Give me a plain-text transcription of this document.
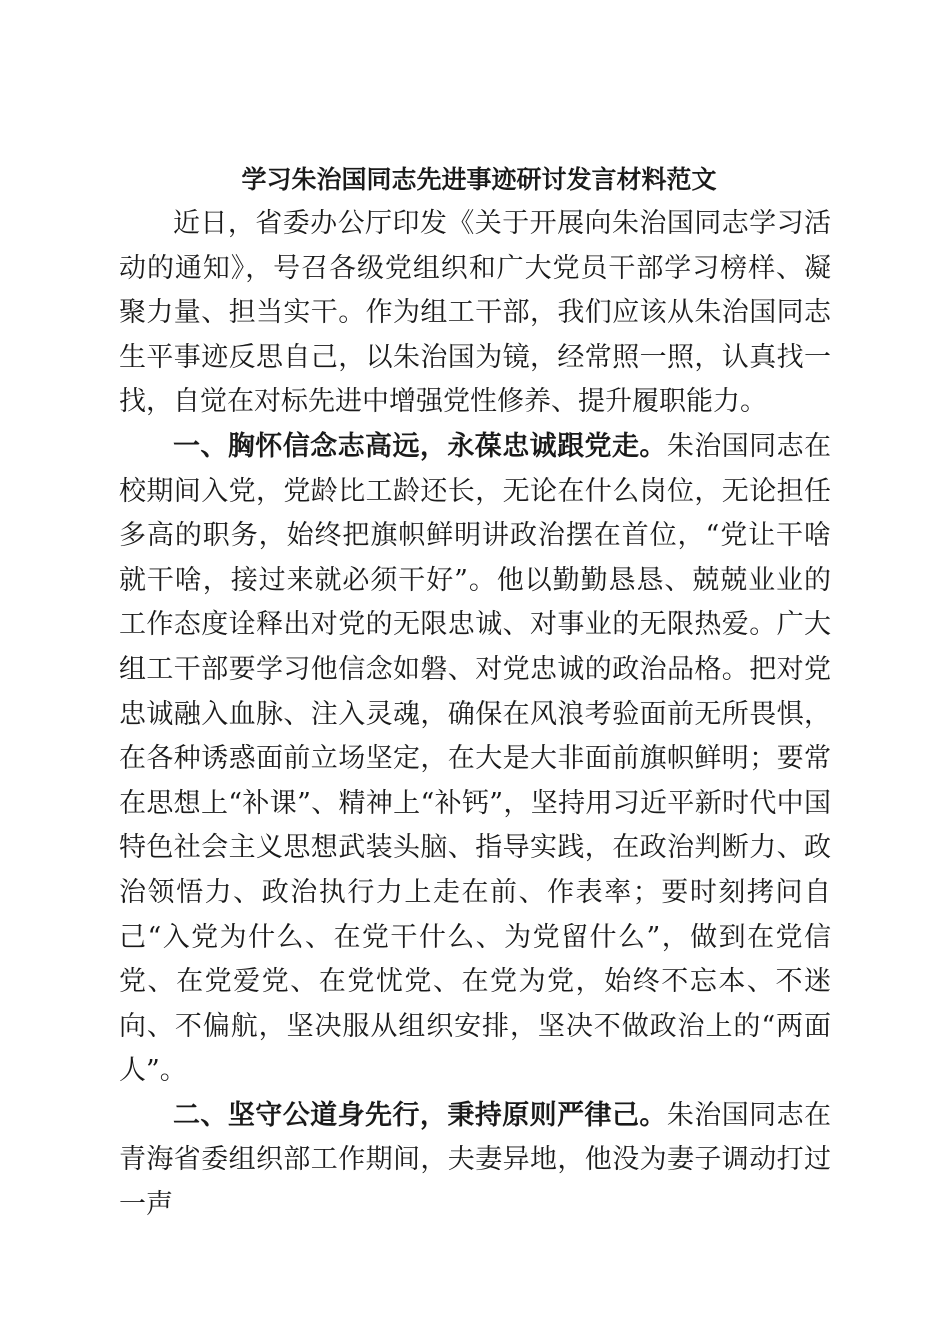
学习朱治国同志先进事迹研讨发言材料范文

近日，省委办公厅印发《关于开展向朱治国同志学习活动的通知》，号召各级党组织和广大党员干部学习榜样、凝聚力量、担当实干。作为组工干部，我们应该从朱治国同志生平事迹反思自己，以朱治国为镜，经常照一照，认真找一找，自觉在对标先进中增强党性修养、提升履职能力。

一、胸怀信念志高远，永葆忠诚跟党走。朱治国同志在校期间入党，党龄比工龄还长，无论在什么岗位，无论担任多高的职务，始终把旗帜鲜明讲政治摆在首位，“党让干啥就干啥，接过来就必须干好”。他以勤勤恳恳、兢兢业业的工作态度诠释出对党的无限忠诚、对事业的无限热爱。广大组工干部要学习他信念如磐、对党忠诚的政治品格。把对党忠诚融入血脉、注入灵魂，确保在风浪考验面前无所畏惧，在各种诱惑面前立场坚定，在大是大非面前旗帜鲜明；要常在思想上“补课”、精神上“补钙”，坚持用习近平新时代中国特色社会主义思想武装头脑、指导实践，在政治判断力、政治领悟力、政治执行力上走在前、作表率；要时刻拷问自己“入党为什么、在党干什么、为党留什么”，做到在党信党、在党爱党、在党忧党、在党为党，始终不忘本、不迷向、不偏航，坚决服从组织安排，坚决不做政治上的“两面人”。

二、坚守公道身先行，秉持原则严律己。朱治国同志在青海省委组织部工作期间，夫妻异地，他没为妻子调动打过一声
